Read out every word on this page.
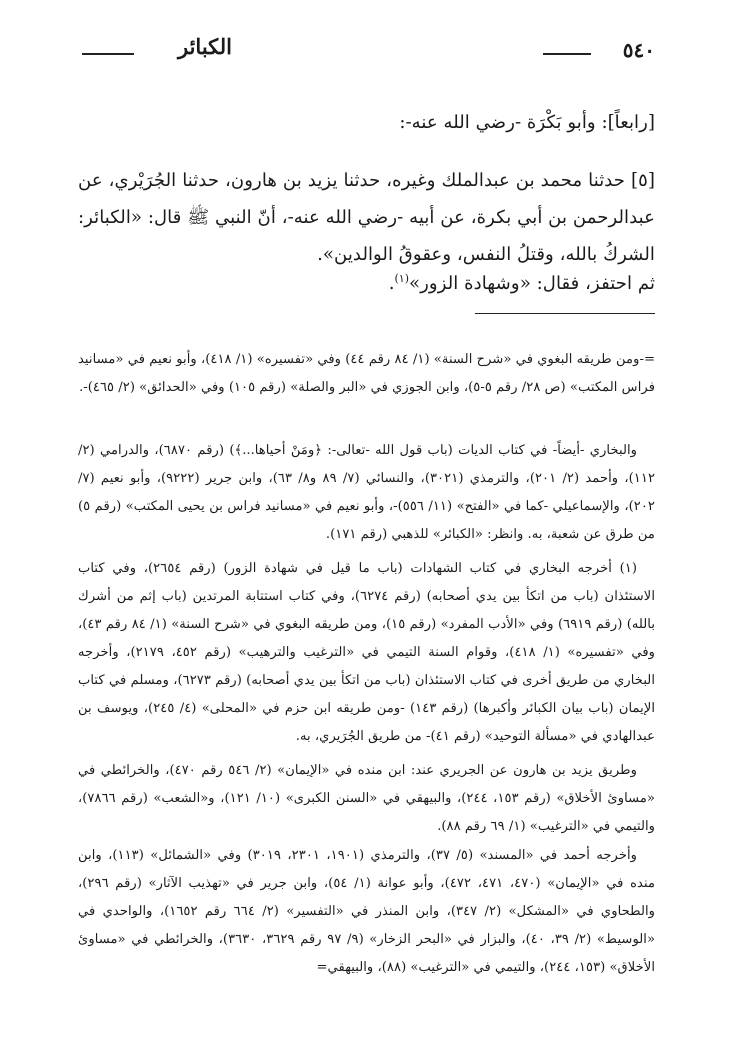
٥٤٠
الكبائر

[رابعاً]: وأبو بَكْرَة -رضي الله عنه-:

[٥] حدثنا محمد بن عبدالملك وغيره، حدثنا يزيد بن هارون، حدثنا الجُرَيْري، عن عبدالرحمن بن أبي بكرة، عن أبيه -رضي الله عنه-، أنّ النبي ﷺ قال: «الكبائر: الشركُ بالله، وقتلُ النفس، وعقوقُ الوالدين».

ثم احتفز، فقال: «وشهادة الزور»$^{(١)}$.

=-ومن طريقه البغوي في «شرح السنة» (١/ ٨٤ رقم ٤٤) وفي «تفسيره» (١/ ٤١٨)، وأبو نعيم في «مسانيد فراس المكتب» (ص ٢٨/ رقم ٥-٥)، وابن الجوزي في «البر والصلة» (رقم ١٠٥) وفي «الحدائق» (٢/ ٤٦٥)-.

والبخاري -أيضاً- في كتاب الديات (باب قول الله -تعالى-: ﴿ومَنْ أحياها...﴾) (رقم ٦٨٧٠)، والدرامي (٢/ ١١٢)، وأحمد (٢/ ٢٠١)، والترمذي (٣٠٢١)، والنسائي (٧/ ٨٩ و٨/ ٦٣)، وابن جرير (٩٢٢٢)، وأبو نعيم (٧/ ٢٠٢)، والإسماعيلي -كما في «الفتح» (١١/ ٥٥٦)-، وأبو نعيم في «مسانيد فراس بن يحيى المكتب» (رقم ٥) من طرق عن شعبة، به. وانظر: «الكبائر» للذهبي (رقم ١٧١).

(١) أخرجه البخاري في كتاب الشهادات (باب ما قيل في شهادة الزور) (رقم ٢٦٥٤)، وفي كتاب الاستئذان (باب من اتكأ بين يدي أصحابه) (رقم ٦٢٧٤)، وفي كتاب استتابة المرتدين (باب إثم من أشرك بالله) (رقم ٦٩١٩) وفي «الأدب المفرد» (رقم ١٥)، ومن طريقه البغوي في «شرح السنة» (١/ ٨٤ رقم ٤٣)، وفي «تفسيره» (١/ ٤١٨)، وقوام السنة التيمي في «الترغيب والترهيب» (رقم ٤٥٢، ٢١٧٩)، وأخرجه البخاري من طريق أخرى في كتاب الاستئذان (باب من اتكأ بين يدي أصحابه) (رقم ٦٢٧٣)، ومسلم في كتاب الإيمان (باب بيان الكبائر وأكبرها) (رقم ١٤٣) -ومن طريقه ابن حزم في «المحلى» (٤/ ٢٤٥)، ويوسف بن عبدالهادي في «مسألة التوحيد» (رقم ٤١)- من طريق الجُرَيري، به.

وطريق يزيد بن هارون عن الجريري عند: ابن منده في «الإيمان» (٢/ ٥٤٦ رقم ٤٧٠)، والخرائطي في «مساوئ الأخلاق» (رقم ١٥٣، ٢٤٤)، والبيهقي في «السنن الكبرى» (١٠/ ١٢١)، و«الشعب» (رقم ٧٨٦٦)، والتيمي في «الترغيب» (١/ ٦٩ رقم ٨٨).

وأخرجه أحمد في «المسند» (٥/ ٣٧)، والترمذي (١٩٠١، ٢٣٠١، ٣٠١٩) وفي «الشمائل» (١١٣)، وابن منده في «الإيمان» (٤٧٠، ٤٧١، ٤٧٢)، وأبو عوانة (١/ ٥٤)، وابن جرير في «تهذيب الآثار» (رقم ٢٩٦)، والطحاوي في «المشكل» (٢/ ٣٤٧)، وابن المنذر في «التفسير» (٢/ ٦٦٤ رقم ١٦٥٢)، والواحدي في «الوسيط» (٢/ ٣٩، ٤٠)، والبزار في «البحر الزخار» (٩/ ٩٧ رقم ٣٦٢٩، ٣٦٣٠)، والخرائطي في «مساوئ الأخلاق» (١٥٣، ٢٤٤)، والتيمي في «الترغيب» (٨٨)، والبيهقي=
